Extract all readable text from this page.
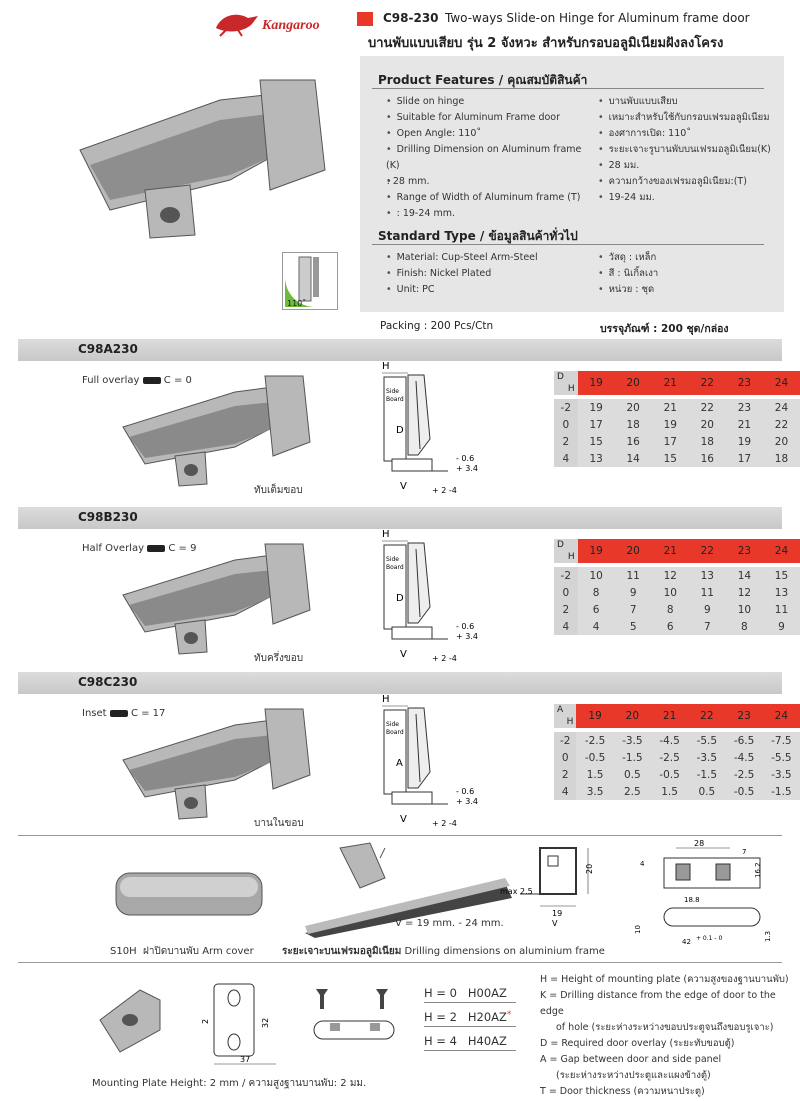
Kangaroo	C98-230 Two-ways Slide-on Hinge for Aluminum frame door
บานพับแบบเสียบ รุ่น 2 จังหวะ สำหรับกรอบอลูมิเนียมฝังลงโครง
110˚
Product Features / คุณสมบัติสินค้า
• Slide on hinge
• Suitable for Aluminum Frame door
• Open Angle: 110˚
• Drilling Dimension on Aluminum frame (K)
• : 28 mm.
• Range of Width of Aluminum frame (T)
• : 19-24 mm.
• บานพับแบบเสียบ
• เหมาะสำหรับใช้กับกรอบเฟรมอลูมิเนียม
• องศาการเปิด: 110˚
• ระยะเจาะรูบานพับบนเฟรมอลูมิเนียม(K)
• 28 มม.
• ความกว้างของเฟรมอลูมิเนียม:(T)
• 19-24 มม.
Standard Type / ข้อมูลสินค้าทั่วไป
• Material: Cup-Steel Arm-Steel
• Finish: Nickel Plated
• Unit: PC
• วัสดุ : เหล็ก
• สี : นิเกิ้ลเงา
• หน่วย : ชุด
Packing : 200 Pcs/Ctn	บรรจุภัณฑ์ : 200 ชุด/กล่อง
C98A230
Full overlay C = 0
ทับเต็มขอบ
H
Side
Board
D
V
- 0.6
+ 3.4
+ 2 -4
D
H	19	20	21	22	23	24

-2	19	20	21	22	23	24
0	17	18	19	20	21	22
2	15	16	17	18	19	20
4	13	14	15	16	17	18
C98B230
Half Overlay C = 9
ทับครึ่งขอบ
H
Side
Board
D
V
- 0.6
+ 3.4
+ 2 -4
D
H	19	20	21	22	23	24

-2	10	11	12	13	14	15
0	8	9	10	11	12	13
2	6	7	8	9	10	11
4	4	5	6	7	8	9
C98C230
Inset C = 17
บานในขอบ
H
Side
Board
A
V
- 0.6
+ 3.4
+ 2 -4
A
H	19	20	21	22	23	24

-2	-2.5	-3.5	-4.5	-5.5	-6.5	-7.5
0	-0.5	-1.5	-2.5	-3.5	-4.5	-5.5
2	1.5	0.5	-0.5	-1.5	-2.5	-3.5
4	3.5	2.5	1.5	0.5	-0.5	-1.5
S10H ฝาปิดบานพับ Arm cover
V = 19 mm. - 24 mm.
ระยะเจาะบนเฟรมอลูมิเนียม Drilling dimensions on aluminium frame
20
max 2.5
19
V
28
7
4	16.2
18.8
10
42 + 0.1 - 0	1.3
2	32
37
H = 0 H00AZ
H = 2 H20AZ*
H = 4 H40AZ
Mounting Plate Height: 2 mm / ความสูงฐานบานพับ: 2 มม.
H = Height of mounting plate (ความสูงของฐานบานพับ)
K = Drilling distance from the edge of door to the edge
of hole (ระยะห่างระหว่างขอบประตูจนถึงขอบรูเจาะ)
D = Required door overlay (ระยะทับขอบตู้)
A = Gap between door and side panel
(ระยะห่างระหว่างประตูและแผงข้างตู้)
T = Door thickness (ความหนาประตู)
